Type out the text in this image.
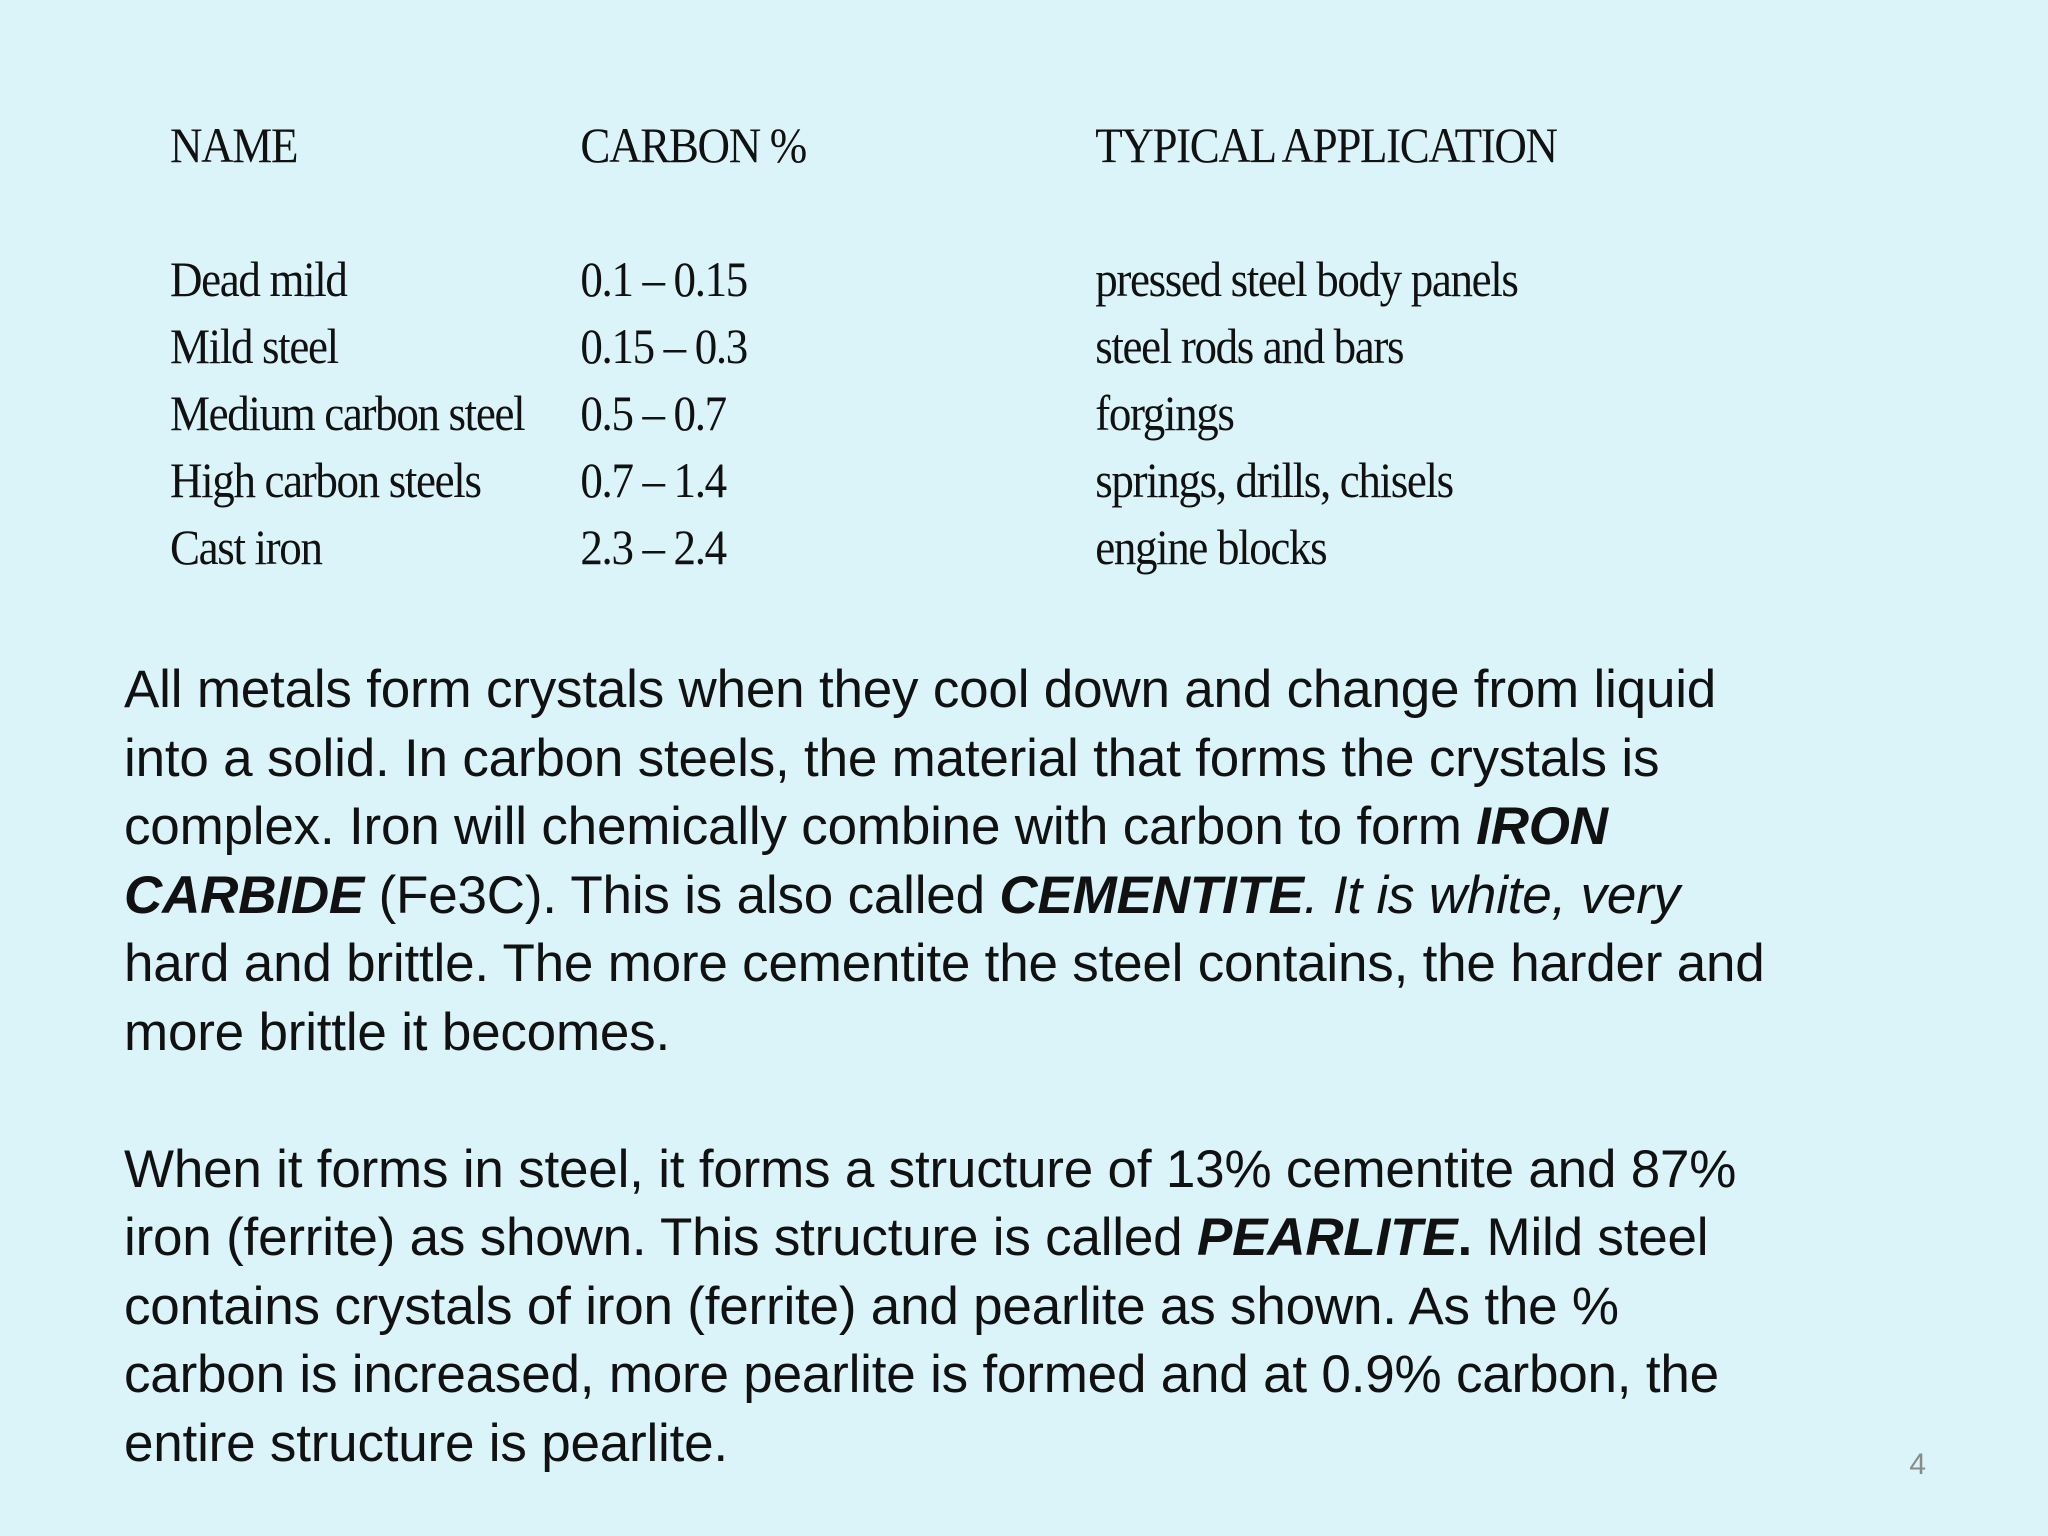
NAME	CARBON %	TYPICAL APPLICATION
Dead mild	0.1 – 0.15	pressed steel body panels
Mild steel	0.15 – 0.3	steel rods and bars
Medium carbon steel	0.5 – 0.7	forgings
High carbon steels	0.7 – 1.4	springs, drills, chisels
Cast iron	2.3 – 2.4	engine blocks

All metals form crystals when they cool down and change from liquid
into a solid. In carbon steels, the material that forms the crystals is
complex. Iron will chemically combine with carbon to form IRON
CARBIDE (Fe3C). This is also called CEMENTITE. It is white, very
hard and brittle. The more cementite the steel contains, the harder and
more brittle it becomes.

When it forms in steel, it forms a structure of 13% cementite and 87%
iron (ferrite) as shown. This structure is called PEARLITE. Mild steel
contains crystals of iron (ferrite) and pearlite as shown. As the %
carbon is increased, more pearlite is formed and at 0.9% carbon, the
entire structure is pearlite.	4
